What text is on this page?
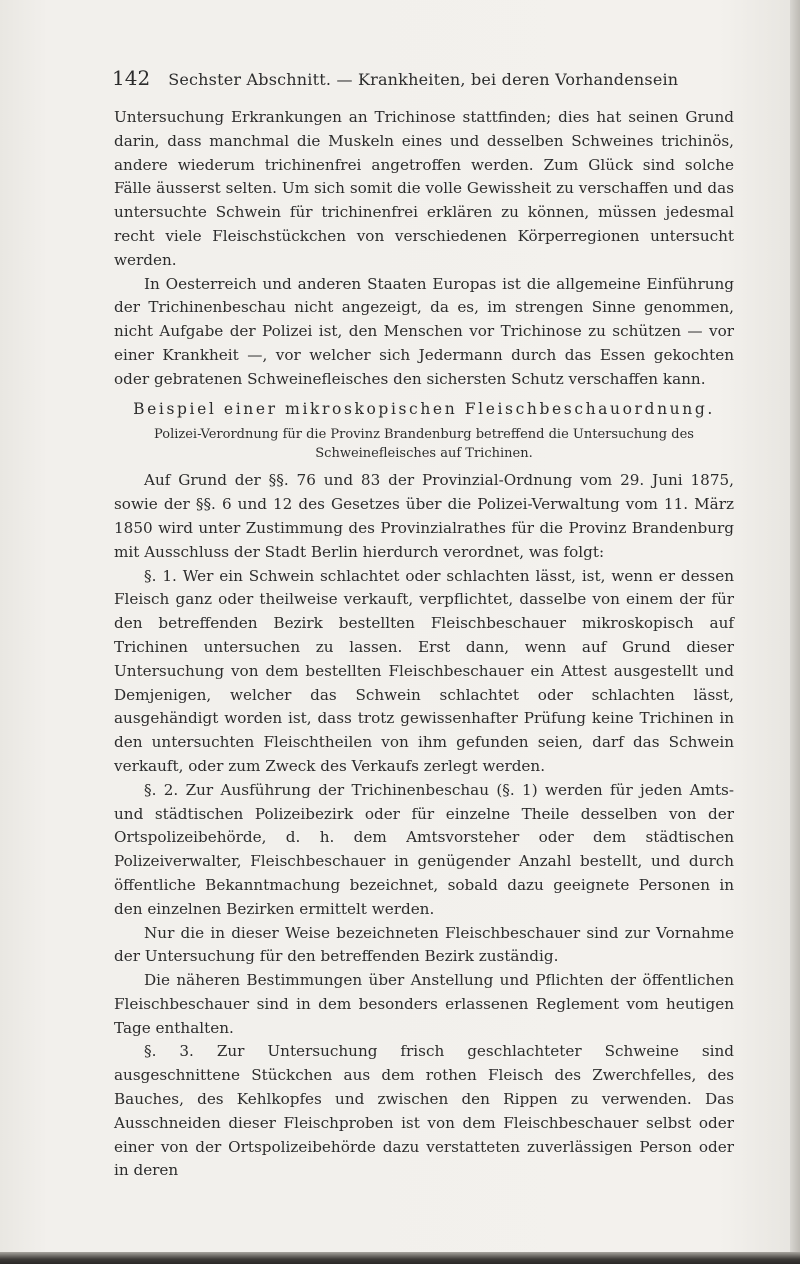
142 Sechster Abschnitt. — Krankheiten, bei deren Vorhandensein

Untersuchung Erkrankungen an Trichinose stattfinden; dies hat seinen Grund darin, dass manchmal die Muskeln eines und desselben Schweines trichinös, andere wiederum trichinenfrei angetroffen werden. Zum Glück sind solche Fälle äusserst selten. Um sich somit die volle Gewissheit zu verschaffen und das untersuchte Schwein für trichinenfrei erklären zu können, müssen jedesmal recht viele Fleischstückchen von verschiedenen Körperregionen untersucht werden.

In Oesterreich und anderen Staaten Europas ist die allgemeine Einführung der Trichinenbeschau nicht angezeigt, da es, im strengen Sinne genommen, nicht Aufgabe der Polizei ist, den Menschen vor Trichinose zu schützen — vor einer Krankheit —, vor welcher sich Jedermann durch das Essen gekochten oder gebratenen Schweinefleisches den sichersten Schutz verschaffen kann.

Beispiel einer mikroskopischen Fleischbeschauordnung.

Polizei-Verordnung für die Provinz Brandenburg betreffend die Untersuchung des Schweinefleisches auf Trichinen.

Auf Grund der §§. 76 und 83 der Provinzial-Ordnung vom 29. Juni 1875, sowie der §§. 6 und 12 des Gesetzes über die Polizei-Verwaltung vom 11. März 1850 wird unter Zustimmung des Provinzialrathes für die Provinz Brandenburg mit Ausschluss der Stadt Berlin hierdurch verordnet, was folgt:

§. 1. Wer ein Schwein schlachtet oder schlachten lässt, ist, wenn er dessen Fleisch ganz oder theilweise verkauft, verpflichtet, dasselbe von einem der für den betreffenden Bezirk bestellten Fleischbeschauer mikroskopisch auf Trichinen untersuchen zu lassen. Erst dann, wenn auf Grund dieser Untersuchung von dem bestellten Fleischbeschauer ein Attest ausgestellt und Demjenigen, welcher das Schwein schlachtet oder schlachten lässt, ausgehändigt worden ist, dass trotz gewissenhafter Prüfung keine Trichinen in den untersuchten Fleischtheilen von ihm gefunden seien, darf das Schwein verkauft, oder zum Zweck des Verkaufs zerlegt werden.

§. 2. Zur Ausführung der Trichinenbeschau (§. 1) werden für jeden Amts- und städtischen Polizeibezirk oder für einzelne Theile desselben von der Ortspolizeibehörde, d. h. dem Amtsvorsteher oder dem städtischen Polizeiverwalter, Fleischbeschauer in genügender Anzahl bestellt, und durch öffentliche Bekanntmachung bezeichnet, sobald dazu geeignete Personen in den einzelnen Bezirken ermittelt werden.

Nur die in dieser Weise bezeichneten Fleischbeschauer sind zur Vornahme der Untersuchung für den betreffenden Bezirk zuständig.

Die näheren Bestimmungen über Anstellung und Pflichten der öffentlichen Fleischbeschauer sind in dem besonders erlassenen Reglement vom heutigen Tage enthalten.

§. 3. Zur Untersuchung frisch geschlachteter Schweine sind ausgeschnittene Stückchen aus dem rothen Fleisch des Zwerchfelles, des Bauches, des Kehlkopfes und zwischen den Rippen zu verwenden. Das Ausschneiden dieser Fleischproben ist von dem Fleischbeschauer selbst oder einer von der Ortspolizeibehörde dazu verstatteten zuverlässigen Person oder in deren
